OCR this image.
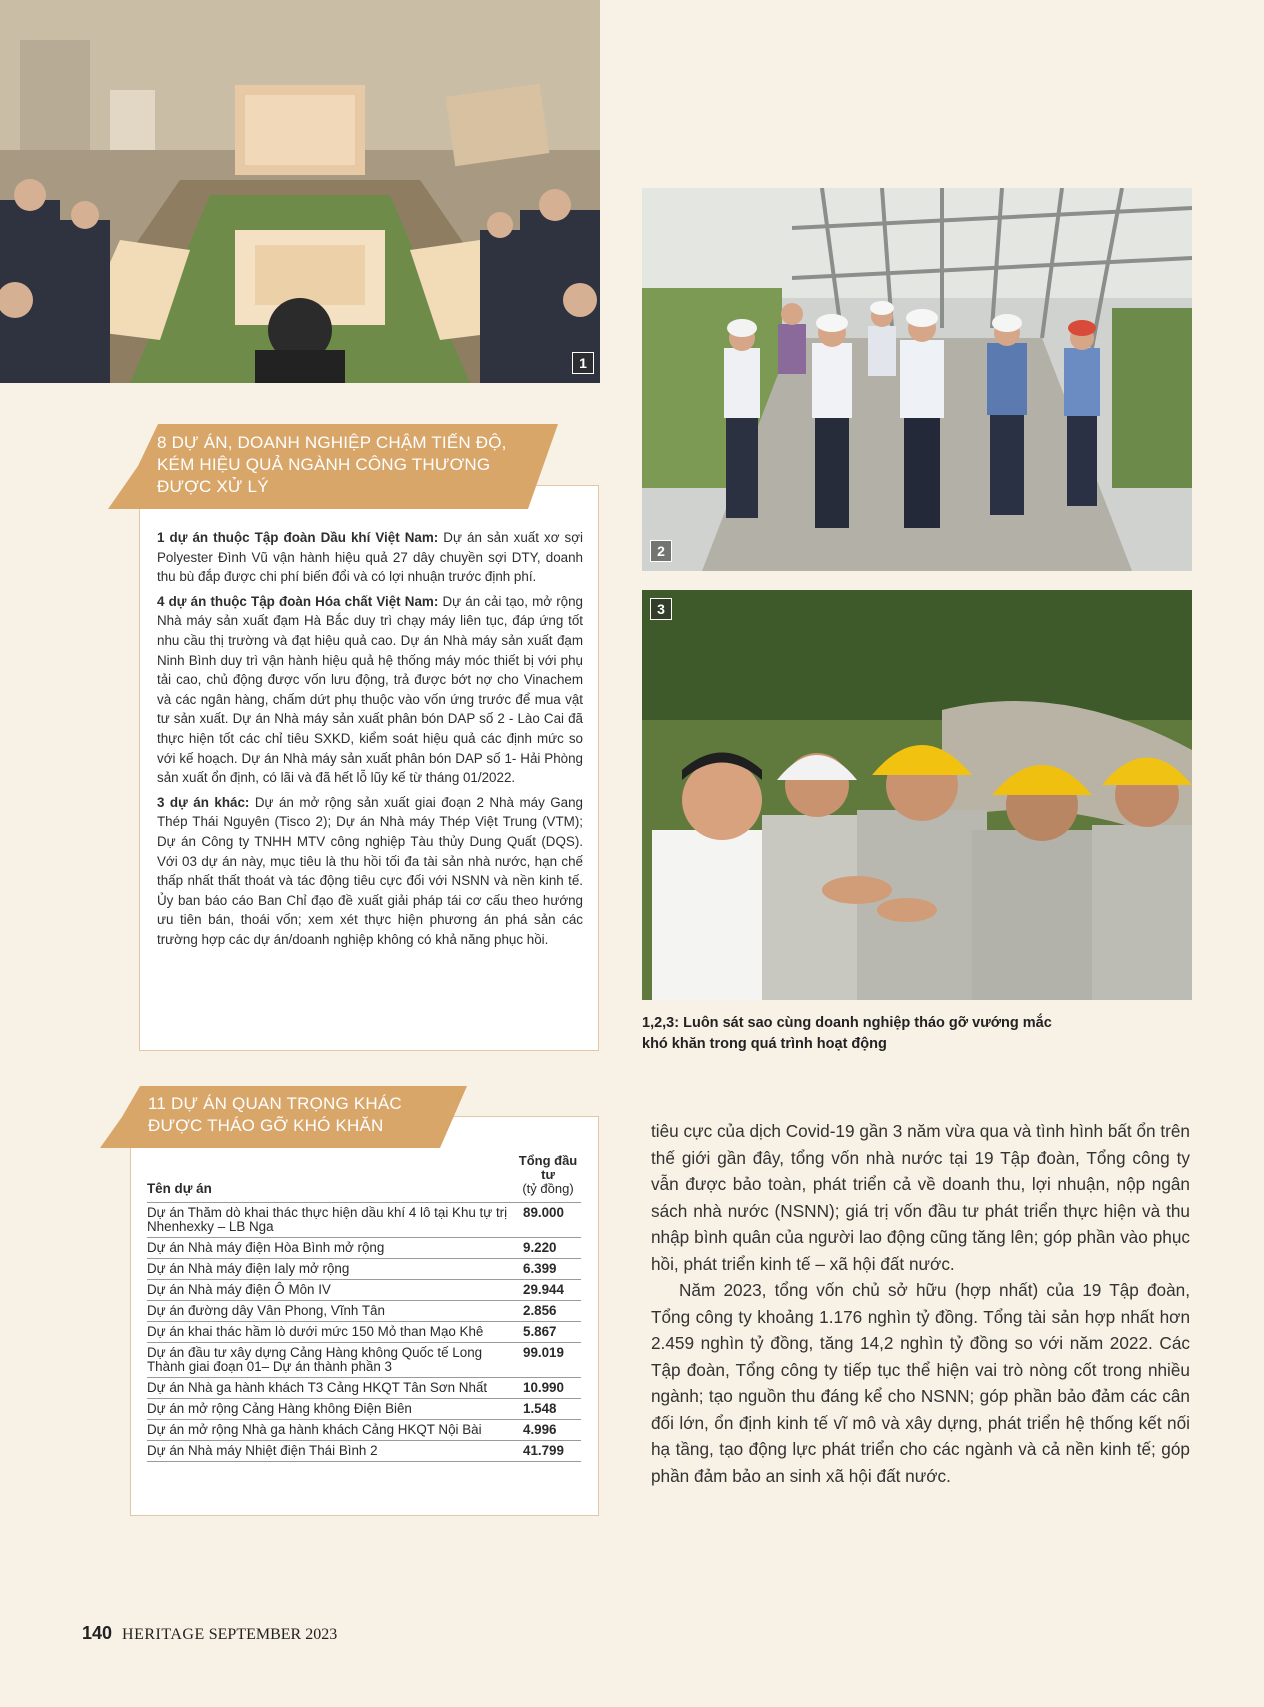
1
2
3
1,2,3: Luôn sát sao cùng doanh nghiệp tháo gỡ vướng mắc
khó khăn trong quá trình hoạt động

1 dự án thuộc Tập đoàn Dầu khí Việt Nam: Dự án sản xuất xơ sợi Polyester Đình Vũ vận hành hiệu quả 27 dây chuyền sợi DTY, doanh thu bù đắp được chi phí biến đổi và có lợi nhuận trước định phí.

4 dự án thuộc Tập đoàn Hóa chất Việt Nam: Dự án cải tạo, mở rộng Nhà máy sản xuất đạm Hà Bắc duy trì chạy máy liên tục, đáp ứng tốt nhu cầu thị trường và đạt hiệu quả cao. Dự án Nhà máy sản xuất đạm Ninh Bình duy trì vận hành hiệu quả hệ thống máy móc thiết bị với phụ tải cao, chủ động được vốn lưu động, trả được bớt nợ cho Vinachem và các ngân hàng, chấm dứt phụ thuộc vào vốn ứng trước để mua vật tư sản xuất. Dự án Nhà máy sản xuất phân bón DAP số 2 - Lào Cai đã thực hiện tốt các chỉ tiêu SXKD, kiểm soát hiệu quả các định mức so với kế hoạch. Dự án Nhà máy sản xuất phân bón DAP số 1- Hải Phòng sản xuất ổn định, có lãi và đã hết lỗ lũy kế từ tháng 01/2022.

3 dự án khác: Dự án mở rộng sản xuất giai đoạn 2 Nhà máy Gang Thép Thái Nguyên (Tisco 2); Dự án Nhà máy Thép Việt Trung (VTM); Dự án Công ty TNHH MTV công nghiệp Tàu thủy Dung Quất (DQS). Với 03 dự án này, mục tiêu là thu hồi tối đa tài sản nhà nước, hạn chế thấp nhất thất thoát và tác động tiêu cực đối với NSNN và nền kinh tế. Ủy ban báo cáo Ban Chỉ đạo đề xuất giải pháp tái cơ cấu theo hướng ưu tiên bán, thoái vốn; xem xét thực hiện phương án phá sản các trường hợp các dự án/doanh nghiệp không có khả năng phục hồi.

8 DỰ ÁN, DOANH NGHIỆP CHẬM TIẾN ĐỘ,
KÉM HIỆU QUẢ NGÀNH CÔNG THƯƠNG
ĐƯỢC XỬ LÝ
Tên dự án	Tổng đầu tư
(tỷ đồng)

Dự án Thăm dò khai thác thực hiện dầu khí 4 lô tại Khu tự trị Nhenhexky – LB Nga	89.000
Dự án Nhà máy điện Hòa Bình mở rộng	9.220
Dự án Nhà máy điện Ialy mở rộng	6.399
Dự án Nhà máy điện Ô Môn IV	29.944
Dự án đường dây Vân Phong, Vĩnh Tân	2.856
Dự án khai thác hầm lò dưới mức 150 Mỏ than Mạo Khê	5.867
Dự án đầu tư xây dựng Cảng Hàng không Quốc tế Long Thành giai đoạn 01– Dự án thành phần 3	99.019
Dự án Nhà ga hành khách T3 Cảng HKQT Tân Sơn Nhất	10.990
Dự án mở rộng Cảng Hàng không Điện Biên	1.548
Dự án mở rộng Nhà ga hành khách Cảng HKQT Nội Bài	4.996
Dự án Nhà máy Nhiệt điện Thái Bình 2	41.799
11 DỰ ÁN QUAN TRỌNG KHÁC
ĐƯỢC THÁO GỠ KHÓ KHĂN	tiêu cực của dịch Covid-19 gần 3 năm vừa qua và tình hình bất ổn trên thế giới gần đây, tổng vốn nhà nước tại 19 Tập đoàn, Tổng công ty vẫn được bảo toàn, phát triển cả về doanh thu, lợi nhuận, nộp ngân sách nhà nước (NSNN); giá trị vốn đầu tư phát triển thực hiện và thu nhập bình quân của người lao động cũng tăng lên; góp phần vào phục hồi, phát triển kinh tế – xã hội đất nước.

Năm 2023, tổng vốn chủ sở hữu (hợp nhất) của 19 Tập đoàn, Tổng công ty khoảng 1.176 nghìn tỷ đồng. Tổng tài sản hợp nhất hơn 2.459 nghìn tỷ đồng, tăng 14,2 nghìn tỷ đồng so với năm 2022. Các Tập đoàn, Tổng công ty tiếp tục thể hiện vai trò nòng cốt trong nhiều ngành; tạo nguồn thu đáng kể cho NSNN; góp phần bảo đảm các cân đối lớn, ổn định kinh tế vĩ mô và xây dựng, phát triển hệ thống kết nối hạ tầng, tạo động lực phát triển cho các ngành và cả nền kinh tế; góp phần đảm bảo an sinh xã hội đất nước.

140 HERITAGE SEPTEMBER 2023
